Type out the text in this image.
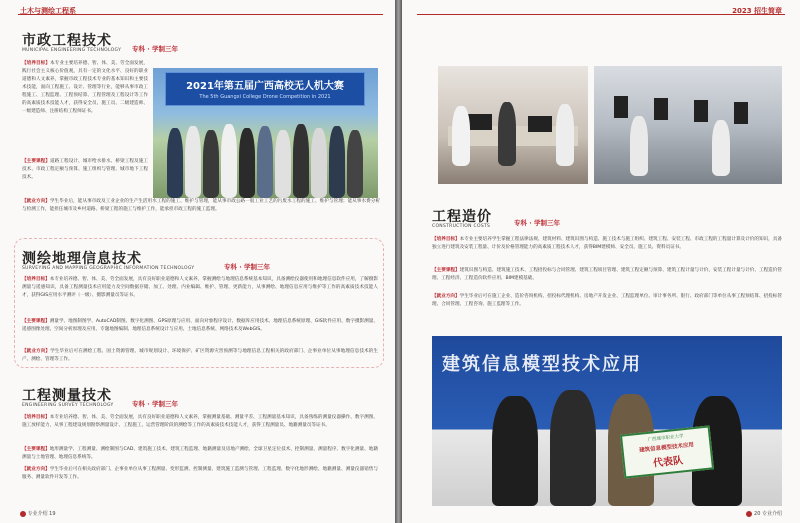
土木与测绘工程系
市政工程技术
MUNICIPAL ENGINEERING TECHNOLOGY 专科 · 学制三年
【培养目标】本专业主要培养德、智、体、美、劳全面发展，践行社会主义核心价值观，具有一定的文化水平、良好的职业道德和人文素养，掌握市政工程技术专业的基本知识和主要技术技能，面向工程施工、设计、管理等行业，能够从事市政工程施工、工程监理、工程预结算、工程管理及工程设计等工作的高素质技术技能人才，获得安全员、施工员、二级建造师、一级建造师、注册结构工程师证书。
【主要课程】道路工程设计、城市给水排水、桥梁工程及施工技术、市政工程定额与预算、施工组织与管理、城市地下工程技术。
【就业方向】学生毕业后，能从事市政及工业企业的生产生活用水工程的施工、维护与管理，能从事市政公路一般工业工艺的污废水工程的施工、维护与管理；能从事水费分析与检测工作，能担任城市及乡村道路、桥梁工程的施工与维护工作，能承担市政工程的施工监理。
2021年第五届广西高校无人机大赛
The 5th Guangxi College Drone Competition in 2021
测绘地理信息技术
SURVEYING AND MAPPING GEOGRAPHIC INFORMATION TECHNOLOGY	专科 · 学制三年
【培养目标】本专业培养德、智、体、美、劳全面发展，具有良好职业道德和人文素养，掌握测绘与地理信息系统基本知识，具备测绘仪器使用和地理信息软件应用，了解摄影测量与遥感知识，具备工程测量技术应用能力及空间数据存储、加工、处理、内业编辑、维护、管理、更新能力，从事测绘、地理信息应用与维护等工作的高素质技术技能人才，获得GIS应用水平测评（一级）、摄影测量员等证书。
【主要课程】测量学、地图制图学、AutoCAD制图、数字化测图、GPS原理与应用、面向对象程序设计、数据库应用技术、地理信息系统原理、GIS软件应用、数字摄影测量、遥感图像处理、空间分析原理及应用、专题地图编制、地理信息系统设计与应用、土地信息系统、网络技术及WebGIS。
【就业方向】学生毕业后可在测绘工程、国土资源管理、城市规划设计、环境保护、矿区资源灾害预测等与地理信息工程相关的政府部门、企事业单位从事地理信息技术的生产、测绘、管理等工作。
工程测量技术
ENGINEERING SURVEY TECHNOLOGY	专科 · 学制三年
【培养目标】本专业培养德、智、体、美、劳全面发展，具有良好职业道德和人文素养，掌握测量基础、测量平差、工程测量基本知识，具备熟练的测量仪器操作、数字测图、施工放样能力，从事工程建设规划勘察测量设计、工程施工、运营管理阶段的测绘等工作的高素质技术技能人才，获得工程测量员、地籍测量员等证书。
【主要课程】地形测量学、工程测量、测绘制图与CAD、建筑施工技术、建筑工程监理、地籍测量及房地产测绘、全球卫星定位技术、控制测量、测量程序、数字化测量、地籍测量与土地管理、地理信息系统等。
【就业方向】学生毕业后可在相关政府部门、企事业单位从事工程测量、变形监测、控制测量、建筑施工监测与管理、工程监理、数字化地形测绘、地籍测量、测量仪器销售与服务、测量软件开发等工作。
专业介绍 19
2023 招生简章
工程造价
CONSTRUCTION COSTS	专科 · 学制三年
【培养目标】本专业主要培养学生掌握工程法律法规、建筑材料、建筑识图与构造、施工技术与施工组织、建筑工程、安装工程、市政工程的工程量计算及计价的知识，具备独立进行建筑及安装工程量、计价及价格管理能力的高素质工程技术人才，获得BIM建模师、安全员、施工员、资料员证书。
【主要课程】建筑识图与构造、建筑施工技术、工程招投标与合同管理、建筑工程项目管理、建筑工程定额与预算、建筑工程计量与计价、安装工程计量与计价、工程造价管理、工程经济、工程造价软件应用、BIM建模基础。
【就业方向】学生毕业后可在施工企业、造价咨询机构、招投标代理机构、房地产开发企业、工程监理单位、审计事务所、银行、政府部门等单位从事工程预结算、招投标管理、合同管理、工程咨询、施工监理等工作。
建筑信息模型技术应用
广西城市职业大学
建筑信息模型技术应用
代表队
20 专业介绍
